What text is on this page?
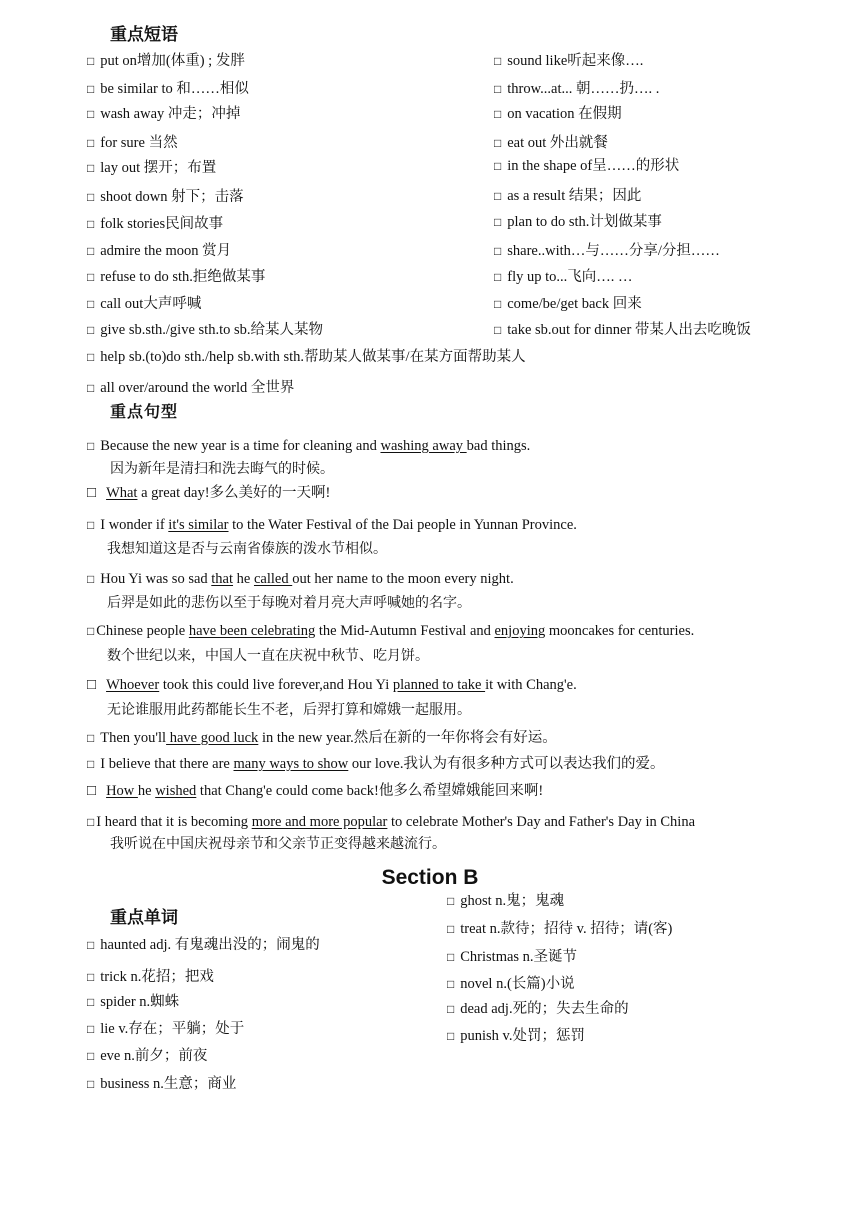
重点短语
□ put on增加(体重) ; 发胖
□ be similar to 和……相似
□ wash away 冲走；冲掉
□ for sure 当然
□ lay out 摆开；布置
□ shoot down 射下；击落
□ folk stories民间故事
□ admire the moon 赏月
□ refuse to do sth.拒绝做某事
□ call out大声呼喊
□ give sb.sth./give sth.to sb.给某人某物
□ help sb.(to)do sth./help sb.with sth.帮助某人做某事/在某方面帮助某人
□ all over/around the world 全世界
□ sound like听起来像….
□ throw...at... 朝……扔…. .
□ on vacation 在假期
□ eat out 外出就餐
□ in the shape of呈……的形状
□ as a result 结果；因此
□ plan to do sth.计划做某事
□ share..with…与……分享/分担……
□ fly up to...飞向…. …
□ come/be/get back 回来
□ take sb.out for dinner 带某人出去吃晚饭
重点句型
□ Because the new year is a time for cleaning and washing away bad things.
因为新年是清扫和洗去晦气的时候。
□ What a great day!多么美好的一天啊!
□ I wonder if it's similar to the Water Festival of the Dai people in Yunnan Province.
我想知道这是否与云南省傣族的泼水节相似。
□ Hou Yi was so sad that he called out her name to the moon every night.
后羿是如此的悲伤以至于每晚对着月亮大声呼喊她的名字。
□ Chinese people have been celebrating the Mid-Autumn Festival and enjoying mooncakes for centuries.
数个世纪以来，中国人一直在庆祝中秋节、吃月饼。
□ Whoever took this could live forever,and Hou Yi planned to take it with Chang'e.
无论谁服用此药都能长生不老，后羿打算和嫦娥一起服用。
□ Then you'll have good luck in the new year.然后在新的一年你将会有好运。
□ I believe that there are many ways to show our love.我认为有很多种方式可以表达我们的爱。
□ How he wished that Chang'e could come back!他多么希望嫦娥能回来啊!
□ I heard that it is becoming more and more popular to celebrate Mother's Day and Father's Day in China
我听说在中国庆祝母亲节和父亲节正变得越来越流行。
Section B
重点单词
□ haunted adj. 有鬼魂出没的；闹鬼的
□ trick n.花招；把戏
□ spider n.蜘蛛
□ lie v.存在；平躺；处于
□ eve n.前夕；前夜
□ business n.生意；商业
□ ghost n.鬼；鬼魂
□ treat n.款待；招待 v. 招待；请(客)
□ Christmas n.圣诞节
□ novel n.(长篇)小说
□ dead adj.死的；失去生命的
□ punish v.处罚；惩罚
